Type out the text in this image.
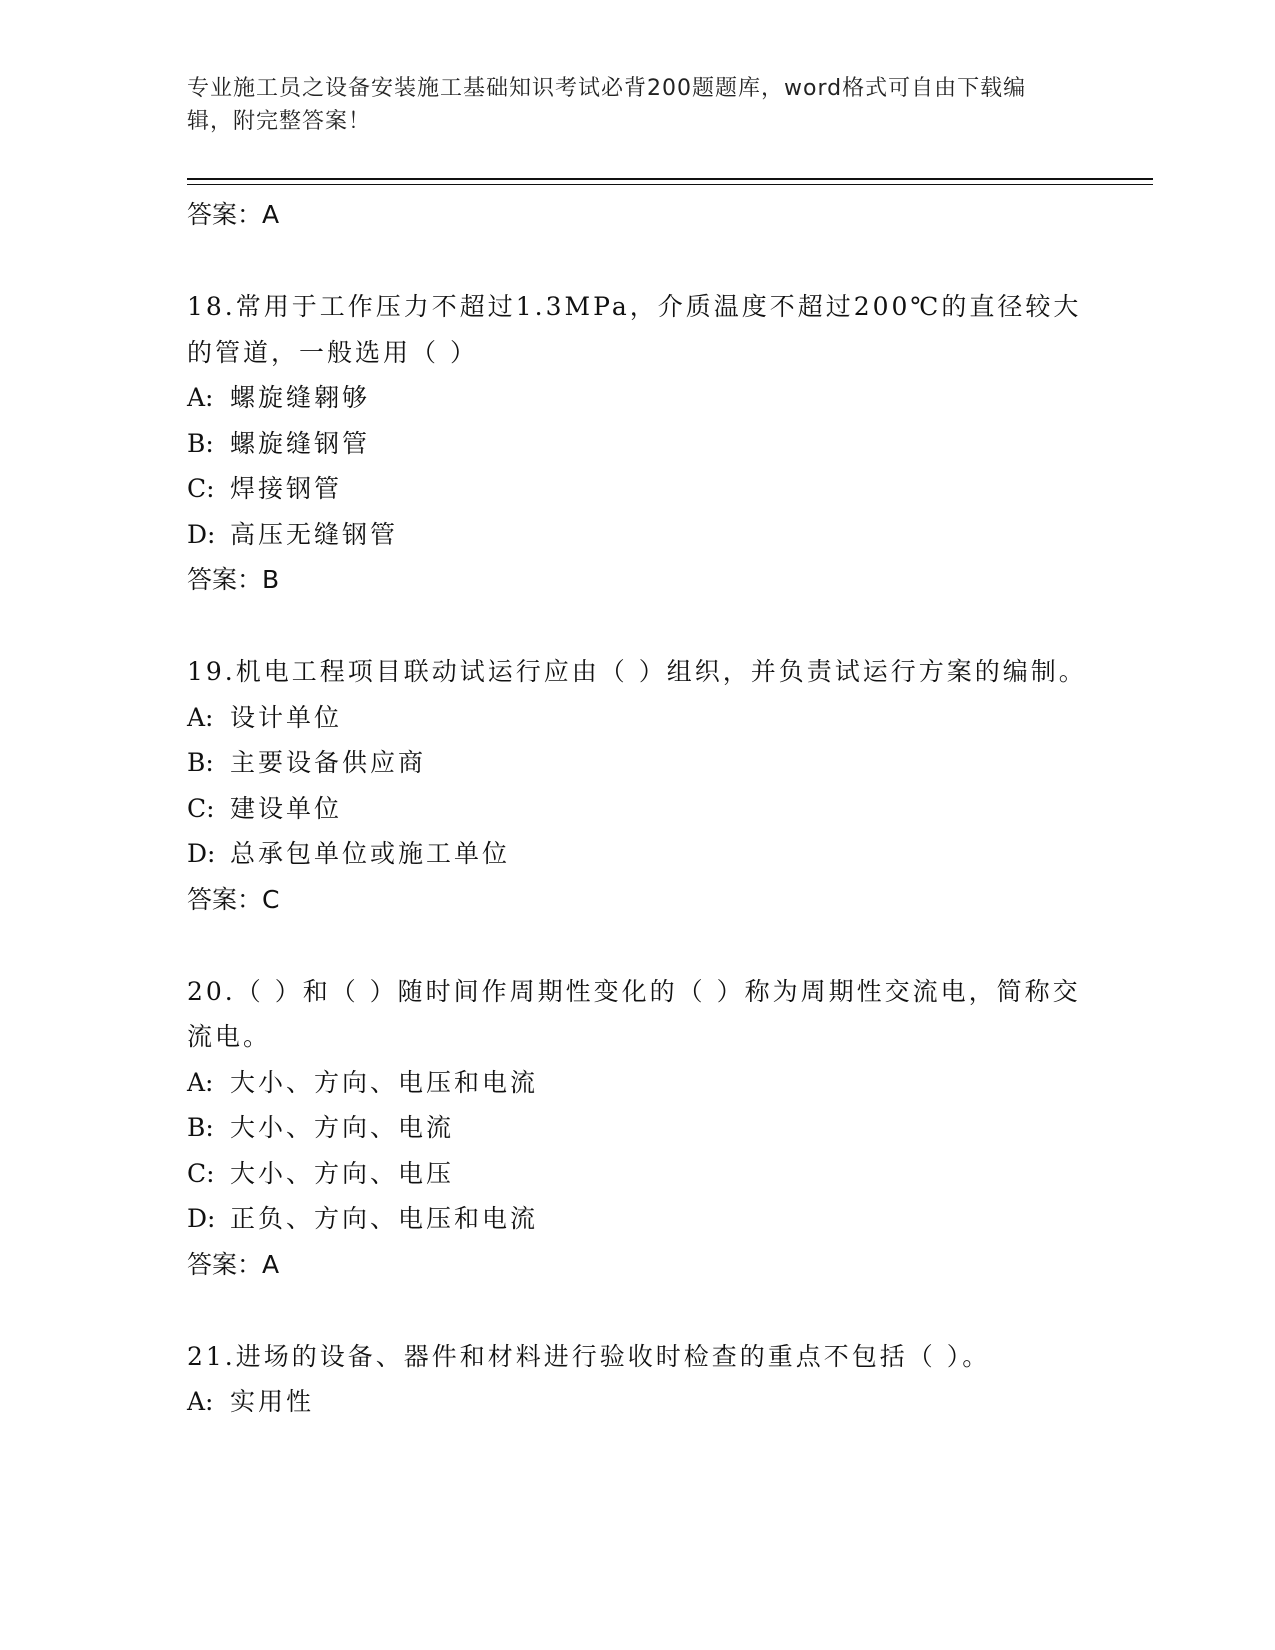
专业施工员之设备安装施工基础知识考试必背200题题库，word格式可自由下载编辑，附完整答案！
答案：A
18.常用于工作压力不超过1.3MPa，介质温度不超过200℃的直径较大的管道，一般选用（ ）
A: 螺旋缝翱够
B: 螺旋缝钢管
C: 焊接钢管
D: 高压无缝钢管
答案：B
19.机电工程项目联动试运行应由（ ）组织，并负责试运行方案的编制。
A: 设计单位
B: 主要设备供应商
C: 建设单位
D: 总承包单位或施工单位
答案：C
20.（ ）和（ ）随时间作周期性变化的（ ）称为周期性交流电，简称交流电。
A: 大小、方向、电压和电流
B: 大小、方向、电流
C: 大小、方向、电压
D: 正负、方向、电压和电流
答案：A
21.进场的设备、器件和材料进行验收时检查的重点不包括（ ）。
A: 实用性
